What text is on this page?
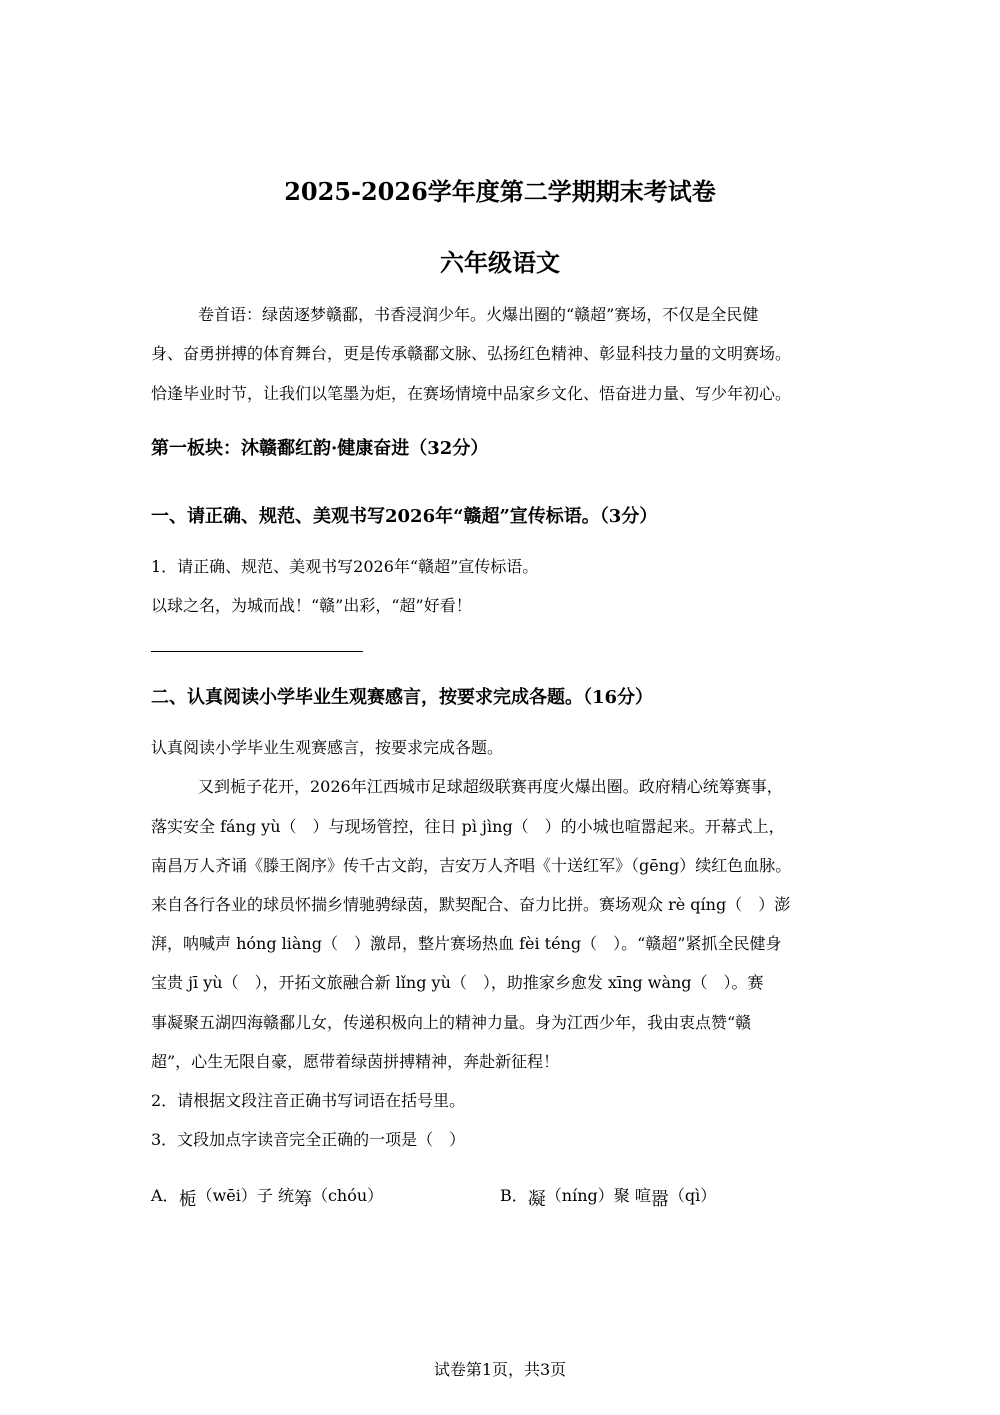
2025-2026学年度第二学期期末考试卷
六年级语文
卷首语：绿茵逐梦赣鄱，书香浸润少年。火爆出圈的“赣超”赛场，不仅是全民健
身、奋勇拼搏的体育舞台，更是传承赣鄱文脉、弘扬红色精神、彰显科技力量的文明赛场。
恰逢毕业时节，让我们以笔墨为炬，在赛场情境中品家乡文化、悟奋进力量、写少年初心。
第一板块：沐赣鄱红韵·健康奋进（32分）
一、请正确、规范、美观书写2026年“赣超”宣传标语。（3分）
1．请正确、规范、美观书写2026年“赣超”宣传标语。
以球之名，为城而战！“赣”出彩，“超”好看！
二、认真阅读小学毕业生观赛感言，按要求完成各题。（16分）
认真阅读小学毕业生观赛感言，按要求完成各题。
又到栀子花开，2026年江西城市足球超级联赛再度火爆出圈。政府精心统筹赛事，
落实安全 fáng yù（　）与现场管控，往日 pì jìng（　）的小城也喧嚣起来。开幕式上，
南昌万人齐诵《滕王阁序》传千古文韵，吉安万人齐唱《十送红军》（gēng）续红色血脉。
来自各行各业的球员怀揣乡情驰骋绿茵，默契配合、奋力比拼。赛场观众 rè qíng（　）澎
湃，呐喊声 hóng liàng（　）激昂，整片赛场热血 fèi téng（　）。“赣超”紧抓全民健身
宝贵 jī yù（　），开拓文旅融合新 lǐng yù（　），助推家乡愈发 xīng wàng（　）。赛
事凝聚五湖四海赣鄱儿女，传递积极向上的精神力量。身为江西少年，我由衷点赞“赣
超”，心生无限自豪，愿带着绿茵拼搏精神，奔赴新征程！
2．请根据文段注音正确书写词语在括号里。
3．文段加点字读音完全正确的一项是（　）
A．栀（wēi）子 统筹（chóu）	B．凝（níng）聚 喧嚣（qì）
试卷第1页，共3页
